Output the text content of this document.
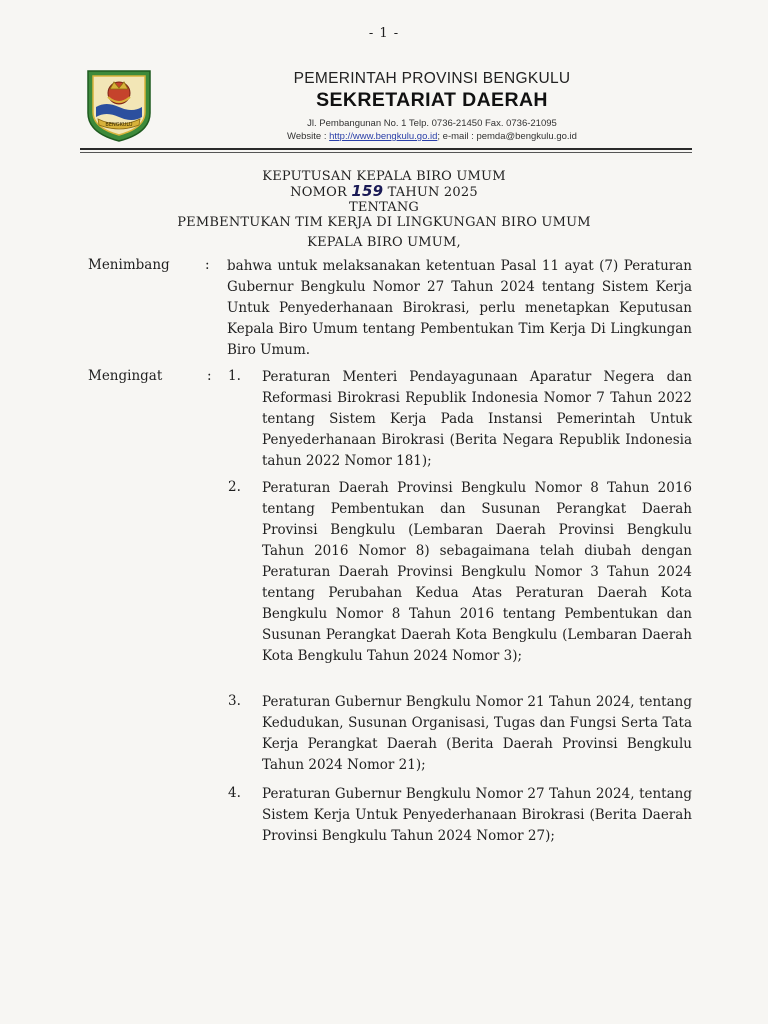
- 1 -
BENGKULU
PEMERINTAH PROVINSI BENGKULU
SEKRETARIAT DAERAH
Jl. Pembangunan No. 1 Telp. 0736-21450 Fax. 0736-21095
Website : http://www.bengkulu.go.id; e-mail : pemda@bengkulu.go.id
KEPUTUSAN KEPALA BIRO UMUM
NOMOR 159 TAHUN 2025
TENTANG
PEMBENTUKAN TIM KERJA DI LINGKUNGAN BIRO UMUM
KEPALA BIRO UMUM,
Menimbang	: bahwa untuk melaksanakan ketentuan Pasal 11 ayat (7) Peraturan Gubernur Bengkulu Nomor 27 Tahun 2024 tentang Sistem Kerja Untuk Penyederhanaan Birokrasi, perlu menetapkan Keputusan Kepala Biro Umum tentang Pembentukan Tim Kerja Di Lingkungan Biro Umum.
Mengingat	: 1. Peraturan Menteri Pendayagunaan Aparatur Negera dan Reformasi Birokrasi Republik Indonesia Nomor 7 Tahun 2022 tentang Sistem Kerja Pada Instansi Pemerintah Untuk Penyederhanaan Birokrasi (Berita Negara Republik Indonesia tahun 2022 Nomor 181);
2. Peraturan Daerah Provinsi Bengkulu Nomor 8 Tahun 2016 tentang Pembentukan dan Susunan Perangkat Daerah Provinsi Bengkulu (Lembaran Daerah Provinsi Bengkulu Tahun 2016 Nomor 8) sebagaimana telah diubah dengan Peraturan Daerah Provinsi Bengkulu Nomor 3 Tahun 2024 tentang Perubahan Kedua Atas Peraturan Daerah Kota Bengkulu Nomor 8 Tahun 2016 tentang Pembentukan dan Susunan Perangkat Daerah Kota Bengkulu (Lembaran Daerah Kota Bengkulu Tahun 2024 Nomor 3);
3. Peraturan Gubernur Bengkulu Nomor 21 Tahun 2024, tentang Kedudukan, Susunan Organisasi, Tugas dan Fungsi Serta Tata Kerja Perangkat Daerah (Berita Daerah Provinsi Bengkulu Tahun 2024 Nomor 21);
4. Peraturan Gubernur Bengkulu Nomor 27 Tahun 2024, tentang Sistem Kerja Untuk Penyederhanaan Birokrasi (Berita Daerah Provinsi Bengkulu Tahun 2024 Nomor 27);
